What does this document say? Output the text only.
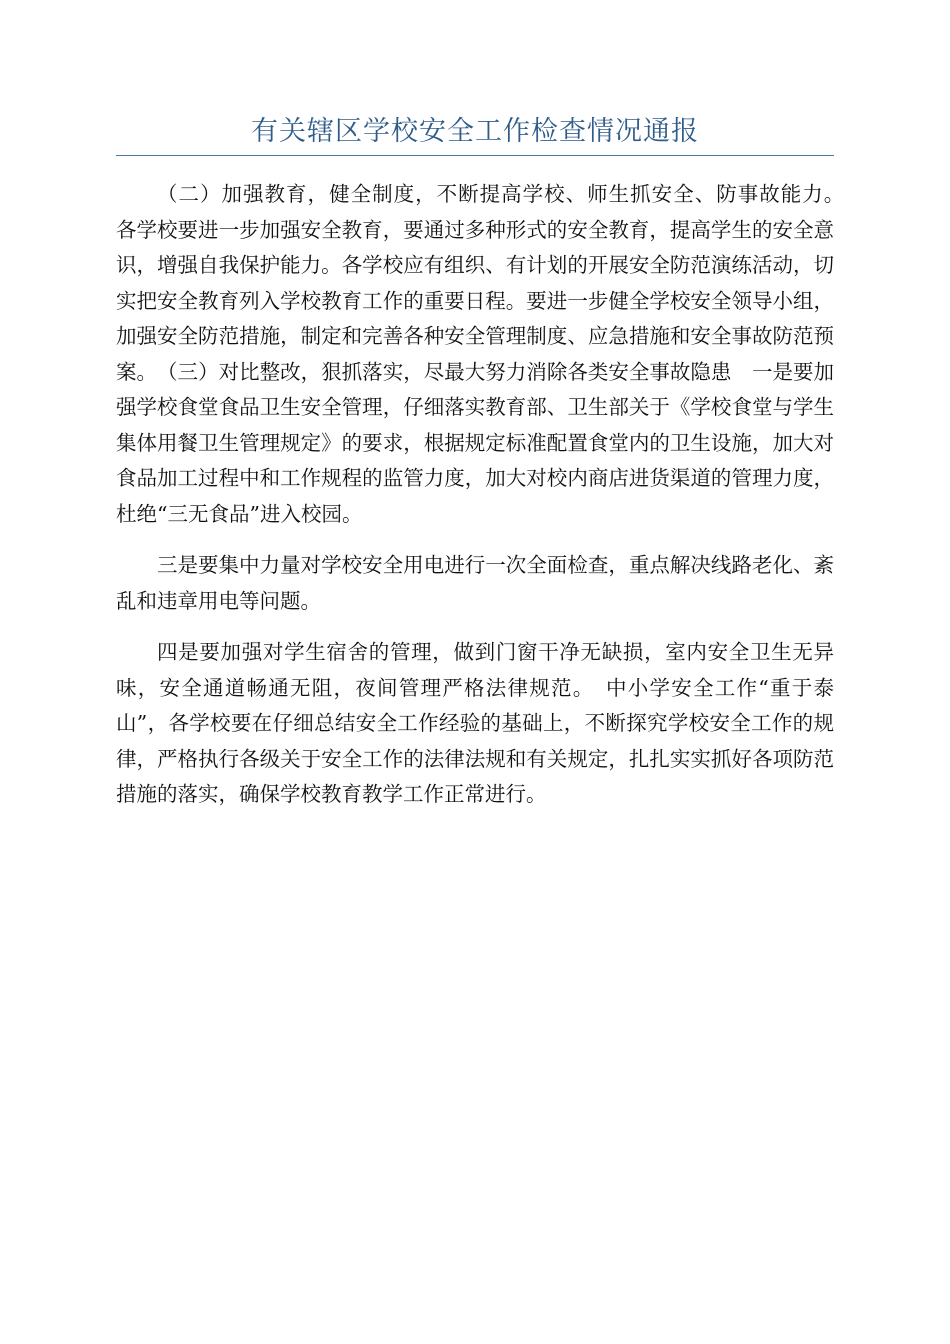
有关辖区学校安全工作检查情况通报

（二）加强教育，健全制度，不断提高学校、师生抓安全、防事故能力。　各学校要进一步加强安全教育，要通过多种形式的安全教育，提高学生的安全意识，增强自我保护能力。各学校应有组织、有计划的开展安全防范演练活动，切实把安全教育列入学校教育工作的重要日程。要进一步健全学校安全领导小组，加强安全防范措施，制定和完善各种安全管理制度、应急措施和安全事故防范预案。　（三）对比整改，狠抓落实，尽最大努力消除各类安全事故隐患　一是要加强学校食堂食品卫生安全管理，仔细落实教育部、卫生部关于《学校食堂与学生集体用餐卫生管理规定》的要求，根据规定标准配置食堂内的卫生设施，加大对食品加工过程中和工作规程的监管力度，加大对校内商店进货渠道的管理力度，杜绝“三无食品”进入校园。

三是要集中力量对学校安全用电进行一次全面检查，重点解决线路老化、紊乱和违章用电等问题。

四是要加强对学生宿舍的管理，做到门窗干净无缺损，室内安全卫生无异味，安全通道畅通无阻，夜间管理严格法律规范。　中小学安全工作“重于泰山”，各学校要在仔细总结安全工作经验的基础上，不断探究学校安全工作的规律，严格执行各级关于安全工作的法律法规和有关规定，扎扎实实抓好各项防范措施的落实，确保学校教育教学工作正常进行。
